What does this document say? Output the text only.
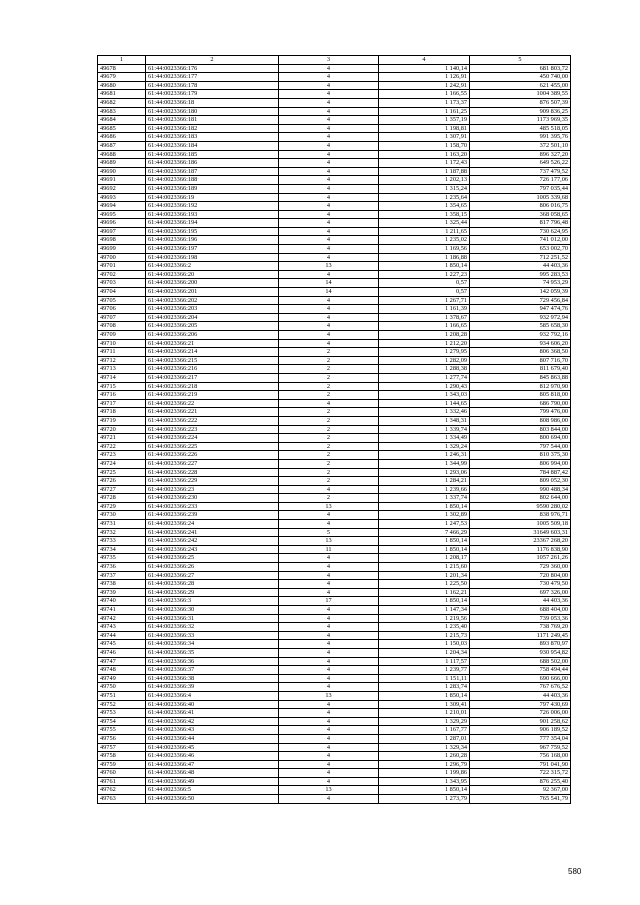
1	2	3	4	5
49678	61:44:0023366:176	4	1 140,14	681 803,72
49679	61:44:0023366:177	4	1 126,91	450 740,00
49680	61:44:0023366:178	4	1 242,91	621 455,00
49681	61:44:0023366:179	4	1 166,55	1004 389,55
49682	61:44:0023366:18	4	1 173,37	876 507,39
49683	61:44:0023366:180	4	1 161,25	909 836,25
49684	61:44:0023366:181	4	1 357,19	1173 969,35
49685	61:44:0023366:182	4	1 198,81	485 518,05
49686	61:44:0023366:183	4	1 307,91	991 395,76
49687	61:44:0023366:184	4	1 158,70	372 501,10
49688	61:44:0023366:185	4	1 163,20	896 327,20
49689	61:44:0023366:186	4	1 172,43	649 526,22
49690	61:44:0023366:187	4	1 187,88	737 479,52
49691	61:44:0023366:188	4	1 202,13	726 177,06
49692	61:44:0023366:189	4	1 315,24	797 035,44
49693	61:44:0023366:19	4	1 235,64	1005 339,68
49694	61:44:0023366:192	4	1 354,65	806 016,75
49695	61:44:0023366:193	4	1 358,15	368 058,65
49696	61:44:0023366:194	4	1 325,44	817 796,48
49697	61:44:0023366:195	4	1 211,65	730 624,95
49698	61:44:0023366:196	4	1 235,02	741 012,00
49699	61:44:0023366:197	4	1 169,56	653 002,70
49700	61:44:0023366:198	4	1 186,88	712 251,52
49701	61:44:0023366:2	13	1 850,14	44 403,36
49702	61:44:0023366:20	4	1 227,23	995 283,53
49703	61:44:0023366:200	14	0,57	74 953,29
49704	61:44:0023366:201	14	0,57	142 059,39
49705	61:44:0023366:202	4	1 267,71	729 456,84
49706	61:44:0023366:203	4	1 161,39	947 474,76
49707	61:44:0023366:204	4	1 378,67	932 972,94
49708	61:44:0023366:205	4	1 166,65	585 658,30
49709	61:44:0023366:206	4	1 208,28	932 792,16
49710	61:44:0023366:21	4	1 212,20	934 606,20
49711	61:44:0023366:214	2	1 279,95	806 368,50
49712	61:44:0023366:215	2	1 282,09	807 716,70
49713	61:44:0023366:216	2	1 288,38	811 679,40
49714	61:44:0023366:217	2	1 277,74	845 863,88
49715	61:44:0023366:218	2	1 290,43	812 970,90
49716	61:44:0023366:219	2	1 343,03	805 818,00
49717	61:44:0023366:22	4	1 144,65	686 790,00
49718	61:44:0023366:221	2	1 332,46	799 476,00
49719	61:44:0023366:222	2	1 348,31	808 986,00
49720	61:44:0023366:223	2	1 339,74	803 844,00
49721	61:44:0023366:224	2	1 334,49	800 694,00
49722	61:44:0023366:225	2	1 329,24	797 544,00
49723	61:44:0023366:226	2	1 246,31	810 375,30
49724	61:44:0023366:227	2	1 344,99	806 994,00
49725	61:44:0023366:228	2	1 293,06	784 887,42
49726	61:44:0023366:229	2	1 284,21	809 052,30
49727	61:44:0023366:23	4	1 239,66	990 488,34
49728	61:44:0023366:230	2	1 337,74	802 644,00
49729	61:44:0023366:233	13	1 850,14	9590 280,02
49730	61:44:0023366:239	4	1 302,89	838 976,71
49731	61:44:0023366:24	4	1 247,53	1005 509,18
49732	61:44:0023366:241	5	7 466,29	31649 603,31
49733	61:44:0023366:242	13	1 850,14	23367 268,20
49734	61:44:0023366:243	11	1 850,14	1176 838,90
49735	61:44:0023366:25	4	1 208,17	1057 261,26
49736	61:44:0023366:26	4	1 215,60	729 360,00
49737	61:44:0023366:27	4	1 201,34	720 804,00
49738	61:44:0023366:28	4	1 225,50	730 479,50
49739	61:44:0023366:29	4	1 162,21	697 326,00
49740	61:44:0023366:3	17	1 850,14	44 403,36
49741	61:44:0023366:30	4	1 147,34	688 404,00
49742	61:44:0023366:31	4	1 219,56	739 053,36
49743	61:44:0023366:32	4	1 235,40	738 769,20
49744	61:44:0023366:33	4	1 215,73	1171 249,45
49745	61:44:0023366:34	4	1 150,03	893 870,97
49746	61:44:0023366:35	4	1 204,34	930 954,82
49747	61:44:0023366:36	4	1 117,57	688 502,00
49748	61:44:0023366:37	4	1 239,77	758 494,44
49749	61:44:0023366:38	4	1 151,11	690 666,00
49750	61:44:0023366:39	4	1 283,74	767 676,52
49751	61:44:0023366:4	13	1 850,14	44 403,36
49752	61:44:0023366:40	4	1 309,41	797 430,69
49753	61:44:0023366:41	4	1 210,01	726 006,00
49754	61:44:0023366:42	4	1 329,29	901 258,62
49755	61:44:0023366:43	4	1 167,77	906 189,52
49756	61:44:0023366:44	4	1 287,01	777 354,04
49757	61:44:0023366:45	4	1 329,34	967 759,52
49758	61:44:0023366:46	4	1 260,28	756 168,00
49759	61:44:0023366:47	4	1 296,79	791 041,90
49760	61:44:0023366:48	4	1 199,86	722 315,72
49761	61:44:0023366:49	4	1 343,95	876 255,40
49762	61:44:0023366:5	13	1 850,14	92 367,00
49763	61:44:0023366:50	4	1 273,79	765 541,79
580
